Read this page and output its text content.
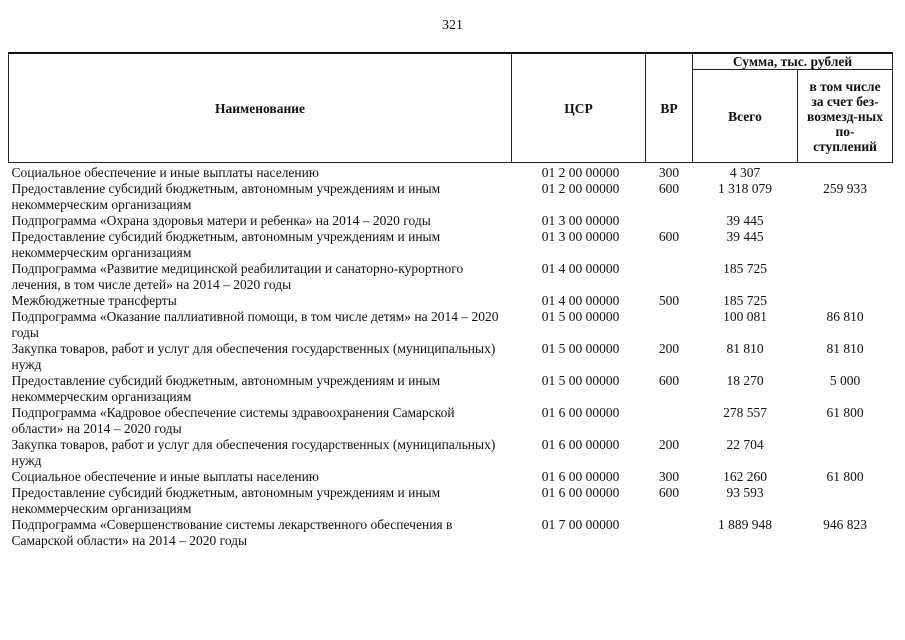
321
Наименование	ЦСР	ВР	Сумма, тыс. рублей	
			Всего	в том числе за счет без-возмезд-ных по-ступлений
Социальное обеспечение и иные выплаты населению	01 2 00 00000	300	4 307	
Предоставление субсидий бюджетным, автономным учреждениям и иным некоммерческим организациям	01 2 00 00000	600	1 318 079	259 933
Подпрограмма «Охрана здоровья матери и ребенка» на 2014 – 2020 годы	01 3 00 00000		39 445	
Предоставление субсидий бюджетным, автономным учреждениям и иным некоммерческим организациям	01 3 00 00000	600	39 445	
Подпрограмма «Развитие медицинской реабилитации и санаторно-курортного лечения, в том числе детей» на 2014 – 2020 годы	01 4 00 00000		185 725	
Межбюджетные трансферты	01 4 00 00000	500	185 725	
Подпрограмма «Оказание паллиативной помощи, в том числе детям» на 2014 – 2020 годы	01 5 00 00000		100 081	86 810
Закупка товаров, работ и услуг для обеспечения государственных (муниципальных) нужд	01 5 00 00000	200	81 810	81 810
Предоставление субсидий бюджетным, автономным учреждениям и иным некоммерческим организациям	01 5 00 00000	600	18 270	5 000
Подпрограмма «Кадровое обеспечение системы здравоохранения Самарской области» на 2014 – 2020 годы	01 6 00 00000		278 557	61 800
Закупка товаров, работ и услуг для обеспечения государственных (муниципальных) нужд	01 6 00 00000	200	22 704	
Социальное обеспечение и иные выплаты населению	01 6 00 00000	300	162 260	61 800
Предоставление субсидий бюджетным, автономным учреждениям и иным некоммерческим организациям	01 6 00 00000	600	93 593	
Подпрограмма «Совершенствование системы лекарственного обеспечения в Самарской области» на 2014 – 2020 годы	01 7 00 00000		1 889 948	946 823
